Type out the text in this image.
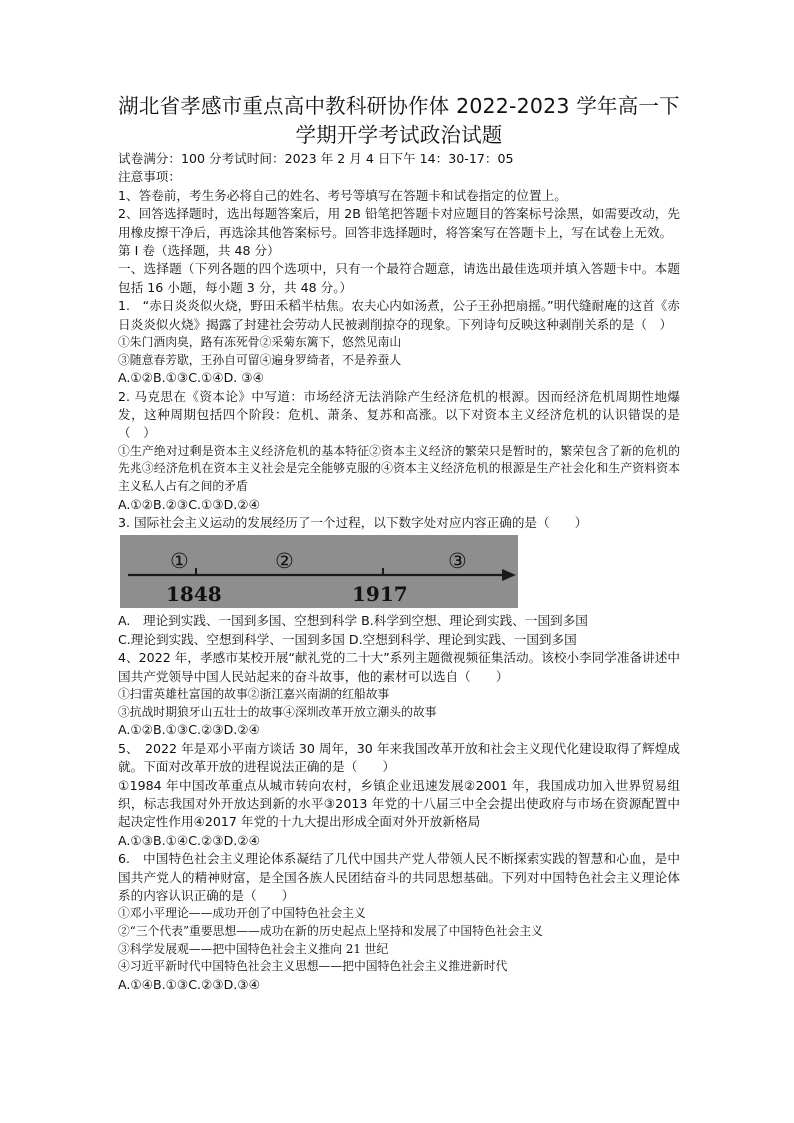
湖北省孝感市重点高中教科研协作体 2022-2023 学年高一下
学期开学考试政治试题

试卷满分：100 分考试时间：2023 年 2 月 4 日下午 14：30-17：05

注意事项：

1、答卷前，考生务必将自己的姓名、考号等填写在答题卡和试卷指定的位置上。

2、回答选择题时，选出每题答案后，用 2B 铅笔把答题卡对应题目的答案标号涂黑，如需要改动，先用橡皮擦干净后，再选涂其他答案标号。回答非选择题时，将答案写在答题卡上，写在试卷上无效。

第 I 卷（选择题，共 48 分）

一、选择题（下列各题的四个选项中，只有一个最符合题意，请选出最佳选项并填入答题卡中。本题包括 16 小题，每小题 3 分，共 48 分。）

1.　“赤日炎炎似火烧，野田禾稻半枯焦。农夫心内如汤煮，公子王孙把扇摇。”明代缝耐庵的这首《赤日炎炎似火烧》揭露了封建社会劳动人民被剥削掠夺的现象。下列诗句反映这种剥削关系的是（　）

①朱门酒肉臭，路有冻死骨②采菊东篱下，悠然见南山

③随意春芳歇，王孙自可留④遍身罗绮者，不是养蚕人

A.①②B.①③C.①④D. ③④

2. 马克思在《资本论》中写道：市场经济无法消除产生经济危机的根源。因而经济危机周期性地爆发，这种周期包括四个阶段：危机、萧条、复苏和高涨。以下对资本主义经济危机的认识错误的是（　）

①生产绝对过剩是资本主义经济危机的基本特征②资本主义经济的繁荣只是暂时的，繁荣包含了新的危机的先兆③经济危机在资本主义社会是完全能够克服的④资本主义经济危机的根源是生产社会化和生产资料资本主义私人占有之间的矛盾

A.①②B.②③C.①③D.②④

3. 国际社会主义运动的发展经历了一个过程，以下数字处对应内容正确的是（　　）

①	②	③
1848	1917

A.　理论到实践、一国到多国、空想到科学 B.科学到空想、理论到实践、一国到多国

C.理论到实践、空想到科学、一国到多国 D.空想到科学、理论到实践、一国到多国

4、2022 年，孝感市某校开展“献礼党的二十大”系列主题微视频征集活动。该校小李同学准备讲述中国共产党领导中国人民站起来的奋斗故事，他的素材可以选自（　　）

①扫雷英雄杜富国的故事②浙江嘉兴南湖的红船故事

③抗战时期狼牙山五壮士的故事④深圳改革开放立潮头的故事

A.①②B.①③C.②③D.②④

5、　2022 年是邓小平南方谈话 30 周年，30 年来我国改革开放和社会主义现代化建设取得了辉煌成就。下面对改革开放的进程说法正确的是（　　）

①1984 年中国改革重点从城市转向农村，乡镇企业迅速发展②2001 年，我国成功加入世界贸易组织，标志我国对外开放达到新的水平③2013 年党的十八届三中全会提出使政府与市场在资源配置中起决定性作用④2017 年党的十九大提出形成全面对外开放新格局

A.①③B.①④C.②③D.②④

6.　中国特色社会主义理论体系凝结了几代中国共产党人带领人民不断探索实践的智慧和心血，是中国共产党人的精神财富，是全国各族人民团结奋斗的共同思想基础。下列对中国特色社会主义理论体系的内容认识正确的是（　　）

①邓小平理论——成功开创了中国特色社会主义

②“三个代表”重要思想——成功在新的历史起点上坚持和发展了中国特色社会主义

③科学发展观——把中国特色社会主义推向 21 世纪

④习近平新时代中国特色社会主义思想——把中国特色社会主义推进新时代

A.①④B.①③C.②③D.③④
